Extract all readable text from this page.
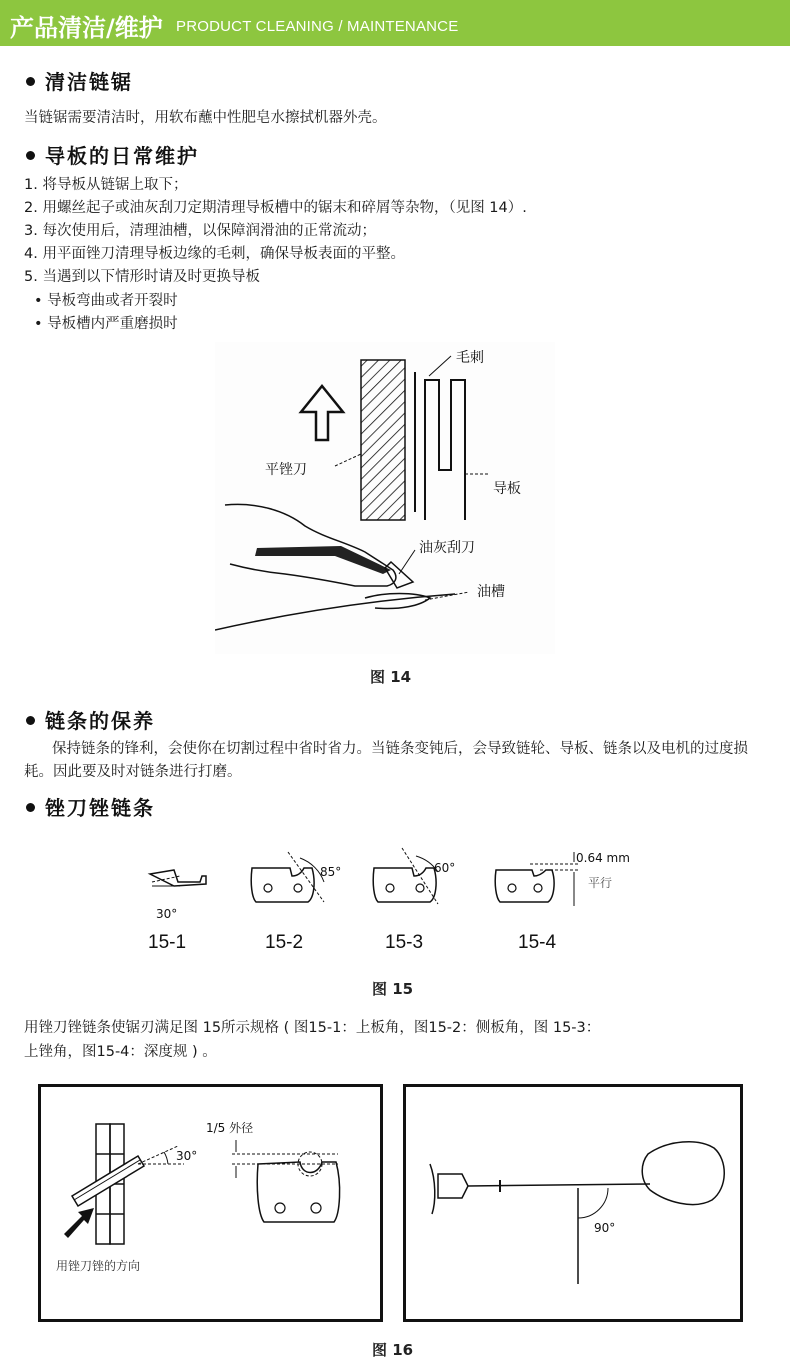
产品清洁/维护 PRODUCT CLEANING / MAINTENANCE
清洁链锯
当链锯需要清洁时，用软布蘸中性肥皂水擦拭机器外壳。
导板的日常维护
1. 将导板从链锯上取下；
2. 用螺丝起子或油灰刮刀定期清理导板槽中的锯末和碎屑等杂物，（见图 14）.
3. 每次使用后，清理油槽，以保障润滑油的正常流动；
4. 用平面锉刀清理导板边缘的毛刺，确保导板表面的平整。
5. 当遇到以下情形时请及时更换导板
• 导板弯曲或者开裂时
• 导板槽内严重磨损时
毛刺
平锉刀
导板
油灰刮刀
油槽
图 14
链条的保养
保持链条的锋利，会使你在切割过程中省时省力。当链条变钝后，会导致链轮、导板、链条以及电机的过度损耗。因此要及时对链条进行打磨。
锉刀锉链条
30°
85°	60°
0.64 mm
平行
15-1	15-2	15-3	15-4
图 15
用锉刀锉链条使锯刃满足图 15所示规格 ( 图15-1：上板角，图15-2：侧板角，图 15-3：
上锉角，图15-4：深度规 ) 。
30°
用锉刀锉的方向
1/5 外径
90°
图 16
